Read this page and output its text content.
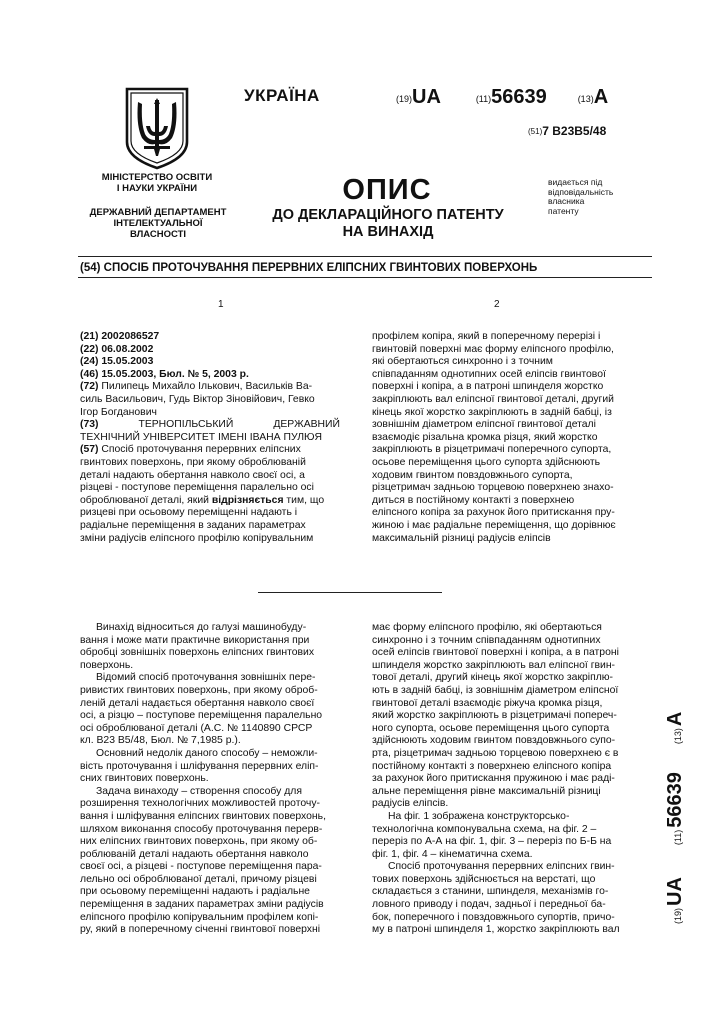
УКРАЇНА	(19)UA	(11)56639	(13)A
(51)7 B23B5/48
МІНІСТЕРСТВО ОСВІТИ
І НАУКИ УКРАЇНИ
ДЕРЖАВНИЙ ДЕПАРТАМЕНТ
ІНТЕЛЕКТУАЛЬНОЇ
ВЛАСНОСТІ
ОПИС
ДО ДЕКЛАРАЦІЙНОГО ПАТЕНТУ
НА ВИНАХІД
видається під
відповідальність
власника
патенту
(54) СПОСІБ ПРОТОЧУВАННЯ ПЕРЕРВНИХ ЕЛІПСНИХ ГВИНТОВИХ ПОВЕРХОНЬ
1	2
(21) 2002086527
(22) 06.08.2002
(24) 15.05.2003
(46) 15.05.2003, Бюл. № 5, 2003 р.
(72) Пилипець Михайло Ількович, Васильків Ва-
силь Васильович, Гудь Віктор Зіновійович, Гевко
Ігор Богданович
(73)	ТЕРНОПІЛЬСЬКИЙ ДЕРЖАВНИЙ
ТЕХНІЧНИЙ УНІВЕРСИТЕТ ІМЕНІ ІВАНА ПУЛЮЯ
(57) Спосіб проточування перервних еліпсних
гвинтових поверхонь, при якому оброблюваній
деталі надають обертання навколо своєї осі, а
різцеві - поступове переміщення паралельно осі
оброблюваної деталі, який відрізняється тим, що
ризцеві при осьовому переміщенні надають і
радіальне переміщення в заданих параметрах
зміни радіусів еліпсного профілю копірувальним
профілем копіра, який в поперечному перерізі і
гвинтовій поверхні має форму еліпсного профілю,
які обертаються синхронно і з точним
співпаданням однотипних осей еліпсів гвинтової
поверхні і копіра, а в патроні шпинделя жорстко
закріплюють вал еліпсної гвинтової деталі, другий
кінець якої жорстко закріплюють в задній бабці, із
зовнішнім діаметром еліпсної гвинтової деталі
взаємодіє різальна кромка різця, який жорстко
закріплюють в різцетримачі поперечного супорта,
осьове переміщення цього супорта здійснюють
ходовим гвинтом повздовжнього супорта,
різцетримач задньою торцевою поверхнею знахо-
диться в постійному контакті з поверхнею
еліпсного копіра за рахунок його притискання пру-
жиною і має радіальне переміщення, що дорівнює
максимальній різниці радіусів еліпсів
Винахід відноситься до галузі машинобуду-
вання і може мати практичне використання при
обробці зовнішніх поверхонь еліпсних гвинтових
поверхонь.
Відомий спосіб проточування зовнішніх пере-
ривистих гвинтових поверхонь, при якому оброб-
леній деталі надається обертання навколо своєї
осі, а різцю – поступове переміщення паралельно
осі оброблюваної деталі (А.С. № 1140890 СРСР
кл. В23 В5/48, Бюл. № 7,1985 р.).
Основний недолік даного способу – неможли-
вість проточування і шліфування перервних еліп-
сних гвинтових поверхонь.
Задача винаходу – створення способу для
розширення технологічних можливостей проточу-
вання і шліфування еліпсних гвинтових поверхонь,
шляхом виконання способу проточування перерв-
них еліпсних гвинтових поверхонь, при якому об-
роблюваній деталі надають обертання навколо
своєї осі, а різцеві - поступове переміщення пара-
лельно осі оброблюваної деталі, причому різцеві
при осьовому переміщенні надають і радіальне
переміщення в заданих параметрах зміни радіусів
еліпсного профілю копірувальним профілем копі-
ру, який в поперечному січенні гвинтової поверхні
має форму еліпсного профілю, які обертаються
синхронно і з точним співпаданням однотипних
осей еліпсів гвинтової поверхні і копіра, а в патроні
шпинделя жорстко закріплюють вал еліпсної гвин-
тової деталі, другий кінець якої жорстко закріплю-
ють в задній бабці, із зовнішнім діаметром еліпсної
гвинтової деталі взаємодіє ріжуча кромка різця,
який жорстко закріплюють в різцетримачі попереч-
ного супорта, осьове переміщення цього супорта
здійснюють ходовим гвинтом повздовжнього супо-
рта, різцетримач задньою торцевою поверхнею є в
постійному контакті з поверхнею еліпсного копіра
за рахунок його притискання пружиною і має раді-
альне переміщення рівне максимальній різниці
радіусів еліпсів.
На фіг. 1 зображена конструкторсько-
технологічна компонувальна схема, на фіг. 2 –
переріз по А-А на фіг. 1, фіг. 3 – переріз по Б-Б на
фіг. 1, фіг. 4 – кінематична схема.
Спосіб проточування перервних еліпсних гвин-
тових поверхонь здійснюється на верстаті, що
складається з станини, шпинделя, механізмів го-
ловного приводу і подач, задньої і передньої ба-
бок, поперечного і повздовжнього супортів, причо-
му в патроні шпинделя 1, жорстко закріплюють вал
(19)
UA
(11)
56639
(13)
A
